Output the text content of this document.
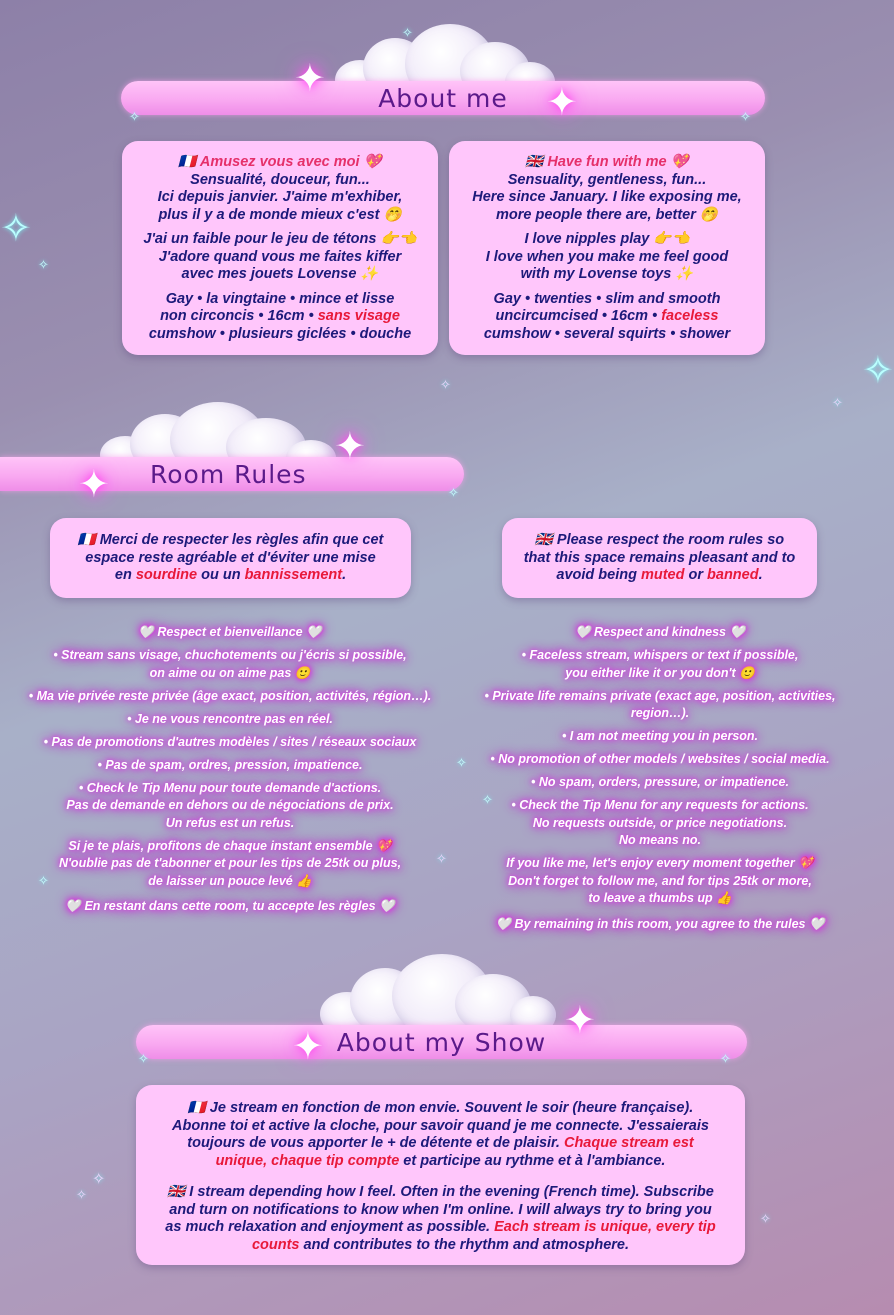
About me
✦
✦
✧	✧
✧
✧
✧
✧
✧
✧

🇫🇷 Amusez vous avec moi 💖

Sensualité, douceur, fun...

Ici depuis janvier. J'aime m'exhiber,

plus il y a de monde mieux c'est 🤭

J'ai un faible pour le jeu de tétons 👉👈

J'adore quand vous me faites kiffer

avec mes jouets Lovense ✨

Gay • la vingtaine • mince et lisse

non circoncis • 16cm • sans visage

cumshow • plusieurs giclées • douche

🇬🇧 Have fun with me 💖

Sensuality, gentleness, fun...

Here since January. I like exposing me,

more people there are, better 🤭

I love nipples play 👉👈

I love when you make me feel good

with my Lovense toys ✨

Gay • twenties • slim and smooth

uncircumcised • 16cm • faceless

cumshow • several squirts • shower

Room Rules
✦
✦
✧
✧
✧
✧
✧

🇫🇷 Merci de respecter les règles afin que cet

espace reste agréable et d'éviter une mise

en sourdine ou un bannissement.

🇬🇧 Please respect the room rules so

that this space remains pleasant and to

avoid being muted or banned.

🤍 Respect et bienveillance 🤍

• Stream sans visage, chuchotements ou j'écris si possible,
on aime ou on aime pas 🙂

• Ma vie privée reste privée (âge exact, position, activités, région…).

• Je ne vous rencontre pas en réel.

• Pas de promotions d'autres modèles / sites / réseaux sociaux

• Pas de spam, ordres, pression, impatience.

• Check le Tip Menu pour toute demande d'actions.
Pas de demande en dehors ou de négociations de prix.
Un refus est un refus.

Si je te plais, profitons de chaque instant ensemble 💖
N'oublie pas de t'abonner et pour les tips de 25tk ou plus,
de laisser un pouce levé 👍

🤍 En restant dans cette room, tu accepte les règles 🤍

🤍 Respect and kindness 🤍

• Faceless stream, whispers or text if possible,
you either like it or you don't 🙂

• Private life remains private (exact age, position, activities, region…).

• I am not meeting you in person.

• No promotion of other models / websites / social media.

• No spam, orders, pressure, or impatience.

• Check the Tip Menu for any requests for actions.
No requests outside, or price negotiations.
No means no.

If you like me, let's enjoy every moment together 💖
Don't forget to follow me, and for tips 25tk or more,
to leave a thumbs up 👍

🤍 By remaining in this room, you agree to the rules 🤍

About my Show
✦
✦
✧	✧
✧
✧
✧

🇫🇷 Je stream en fonction de mon envie. Souvent le soir (heure française).

Abonne toi et active la cloche, pour savoir quand je me connecte. J'essaierais

toujours de vous apporter le + de détente et de plaisir. Chaque stream est

unique, chaque tip compte et participe au rythme et à l'ambiance.

🇬🇧 I stream depending how I feel. Often in the evening (French time). Subscribe

and turn on notifications to know when I'm online. I will always try to bring you

as much relaxation and enjoyment as possible. Each stream is unique, every tip

counts and contributes to the rhythm and atmosphere.
